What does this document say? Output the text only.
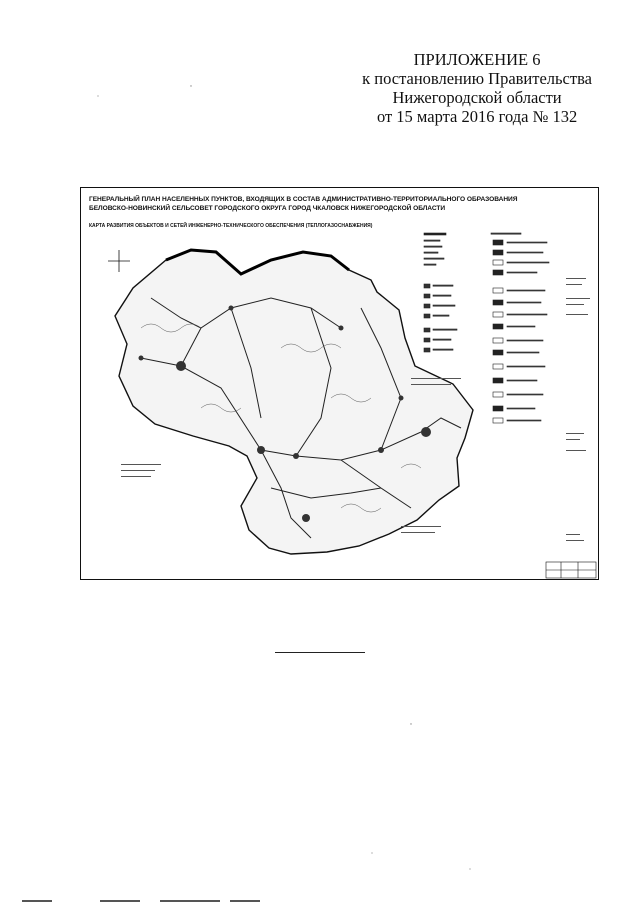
ПРИЛОЖЕНИЕ 6
к постановлению Правительства
Нижегородской области
от 15 марта 2016 года № 132
ГЕНЕРАЛЬНЫЙ ПЛАН НАСЕЛЕННЫХ ПУНКТОВ, ВХОДЯЩИХ В СОСТАВ АДМИНИСТРАТИВНО-ТЕРРИТОРИАЛЬНОГО ОБРАЗОВАНИЯ
БЕЛОВСКО-НОВИНСКИЙ СЕЛЬСОВЕТ ГОРОДСКОГО ОКРУГА ГОРОД ЧКАЛОВСК НИЖЕГОРОДСКОЙ ОБЛАСТИ
КАРТА РАЗВИТИЯ ОБЪЕКТОВ И СЕТЕЙ ИНЖЕНЕРНО-ТЕХНИЧЕСКОГО ОБЕСПЕЧЕНИЯ (ТЕПЛОГАЗОСНАБЖЕНИЯ)
